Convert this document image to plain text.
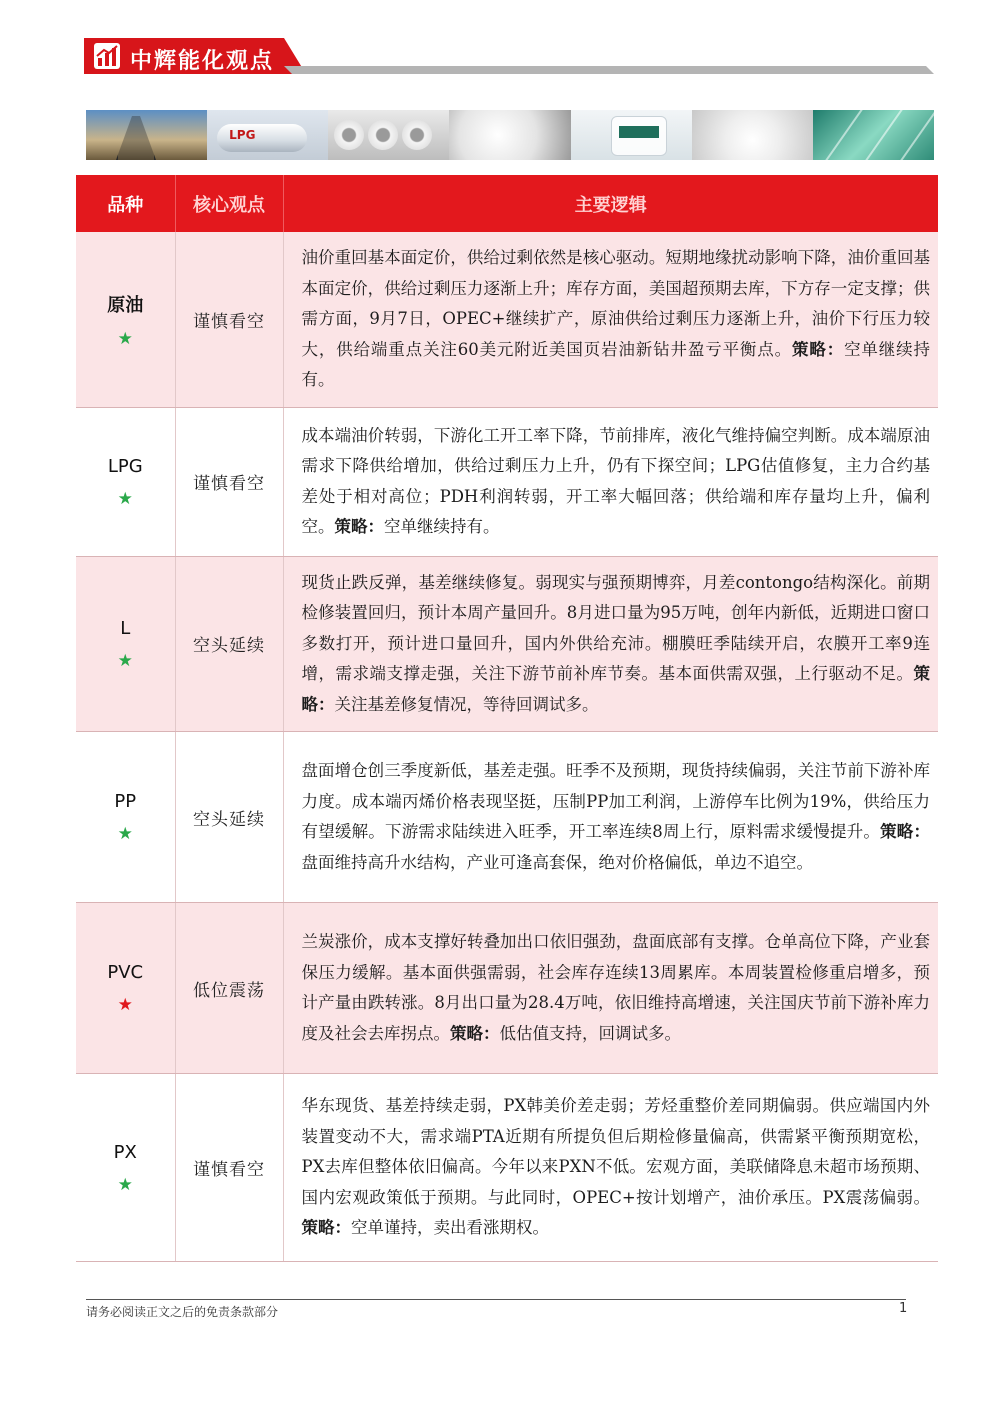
中辉能化观点
LPG
品种	核心观点	主要逻辑

原油
★	谨慎看空	油价重回基本面定价，供给过剩依然是核心驱动。短期地缘扰动影响下降，油价重回基本面定价，供给过剩压力逐渐上升；库存方面，美国超预期去库，下方存一定支撑；供需方面，9月7日，OPEC+继续扩产，原油供给过剩压力逐渐上升，油价下行压力较大，供给端重点关注60美元附近美国页岩油新钻井盈亏平衡点。策略：空单继续持有。

LPG
★	谨慎看空	成本端油价转弱，下游化工开工率下降，节前排库，液化气维持偏空判断。成本端原油需求下降供给增加，供给过剩压力上升，仍有下探空间；LPG估值修复，主力合约基差处于相对高位；PDH利润转弱，开工率大幅回落；供给端和库存量均上升，偏利空。策略：空单继续持有。

L
★	空头延续	现货止跌反弹，基差继续修复。弱现实与强预期博弈，月差contongo结构深化。前期检修装置回归，预计本周产量回升。8月进口量为95万吨，创年内新低，近期进口窗口多数打开，预计进口量回升，国内外供给充沛。棚膜旺季陆续开启，农膜开工率9连增，需求端支撑走强，关注下游节前补库节奏。基本面供需双强，上行驱动不足。策略：关注基差修复情况，等待回调试多。

PP
★	空头延续	盘面增仓创三季度新低，基差走强。旺季不及预期，现货持续偏弱，关注节前下游补库力度。成本端丙烯价格表现坚挺，压制PP加工利润，上游停车比例为19%，供给压力有望缓解。下游需求陆续进入旺季，开工率连续8周上行，原料需求缓慢提升。策略：盘面维持高升水结构，产业可逢高套保，绝对价格偏低，单边不追空。

PVC
★	低位震荡	兰炭涨价，成本支撑好转叠加出口依旧强劲，盘面底部有支撑。仓单高位下降，产业套保压力缓解。基本面供强需弱，社会库存连续13周累库。本周装置检修重启增多，预计产量由跌转涨。8月出口量为28.4万吨，依旧维持高增速，关注国庆节前下游补库力度及社会去库拐点。策略：低估值支持，回调试多。

PX
★	谨慎看空	华东现货、基差持续走弱，PX韩美价差走弱；芳烃重整价差同期偏弱。供应端国内外装置变动不大，需求端PTA近期有所提负但后期检修量偏高，供需紧平衡预期宽松，PX去库但整体依旧偏高。今年以来PXN不低。宏观方面，美联储降息未超市场预期、国内宏观政策低于预期。与此同时，OPEC+按计划增产，油价承压。PX震荡偏弱。策略：空单谨持，卖出看涨期权。
请务必阅读正文之后的免责条款部分	1
